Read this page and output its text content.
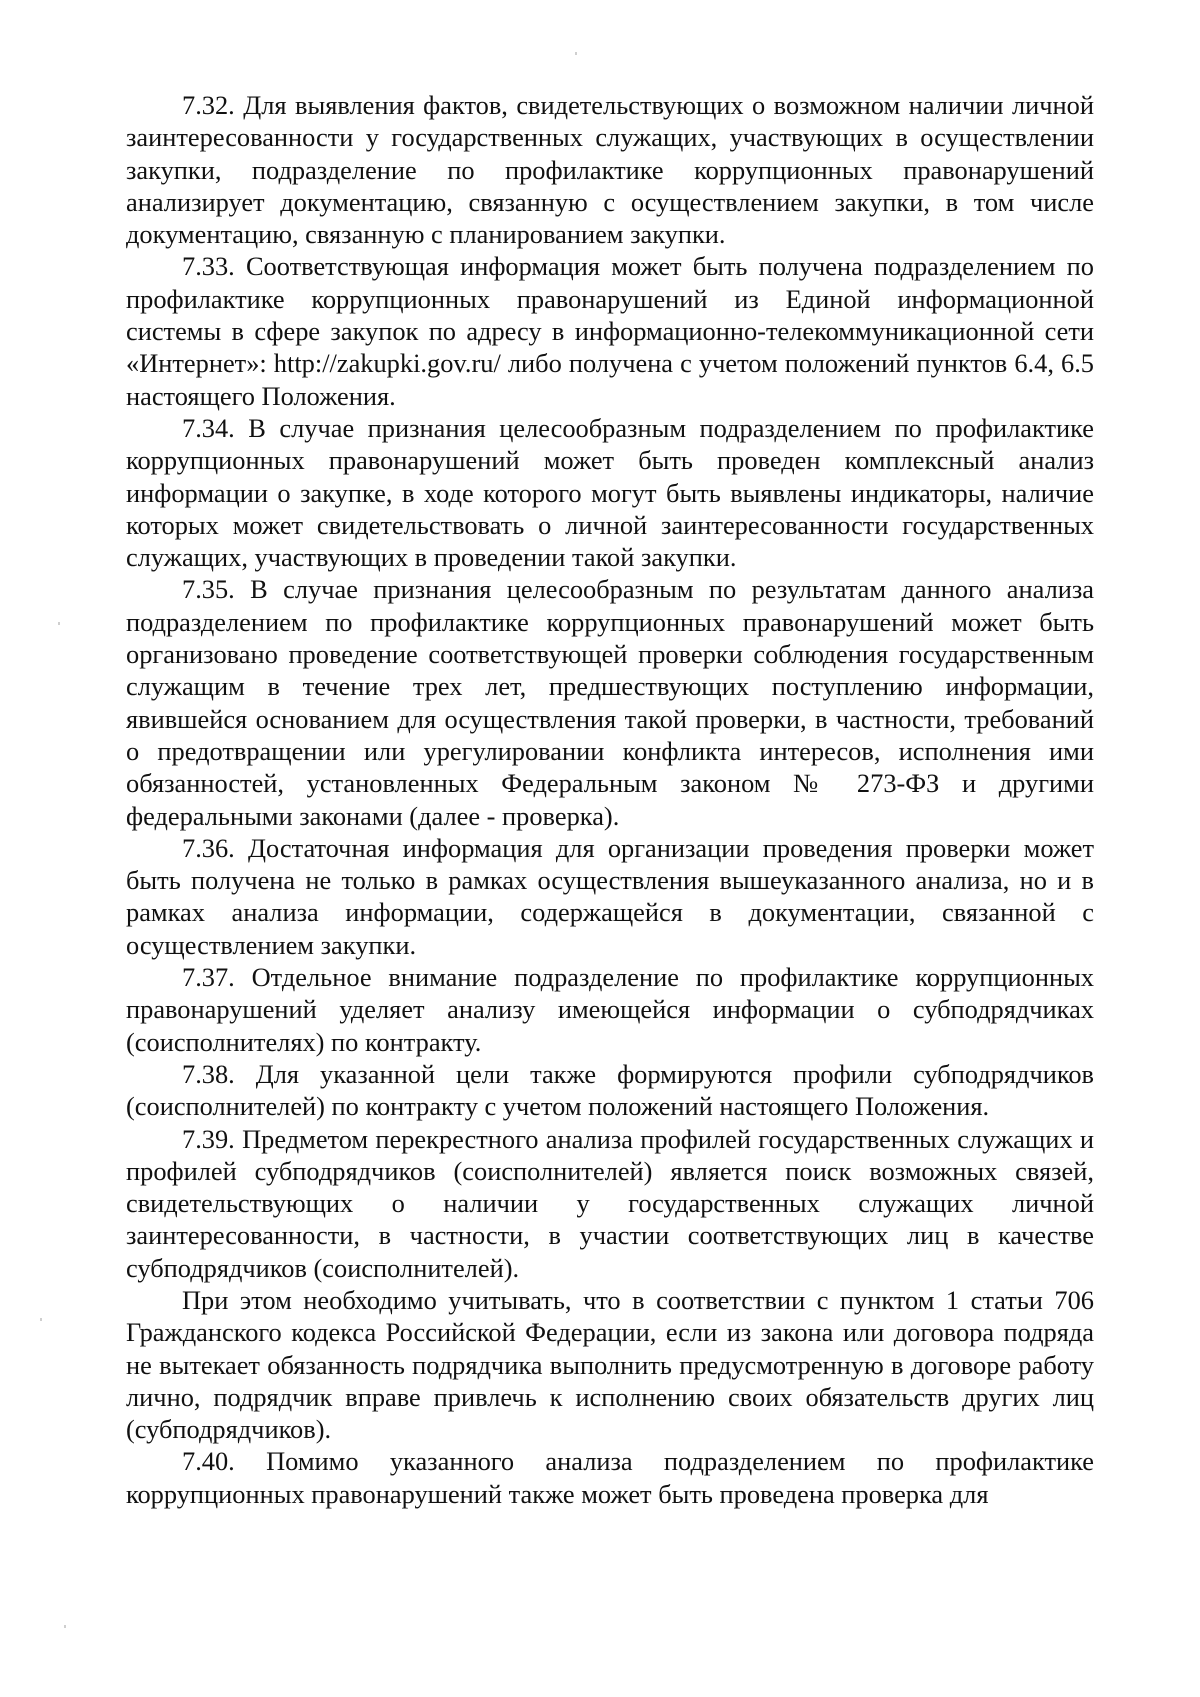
7.32. Для выявления фактов, свидетельствующих о возможном наличии личной заинтересованности у государственных служащих, участвующих в осуществлении закупки, подразделение по профилактике коррупционных правонарушений анализирует документацию, связанную с осуществлением закупки, в том числе документацию, связанную с планированием закупки.

7.33. Соответствующая информация может быть получена подразделением по профилактике коррупционных правонарушений из Единой информационной системы в сфере закупок по адресу в информационно-телекоммуникационной сети «Интернет»: http://zakupki.gov.ru/ либо получена с учетом положений пунктов 6.4, 6.5 настоящего Положения.

7.34. В случае признания целесообразным подразделением по профилактике коррупционных правонарушений может быть проведен комплексный анализ информации о закупке, в ходе которого могут быть выявлены индикаторы, наличие которых может свидетельствовать о личной заинтересованности государственных служащих, участвующих в проведении такой закупки.

7.35. В случае признания целесообразным по результатам данного анализа подразделением по профилактике коррупционных правонарушений может быть организовано проведение соответствующей проверки соблюдения государственным служащим в течение трех лет, предшествующих поступлению информации, явившейся основанием для осуществления такой проверки, в частности, требований о предотвращении или урегулировании конфликта интересов, исполнения ими обязанностей, установленных Федеральным законом № 273-ФЗ и другими федеральными законами (далее - проверка).

7.36. Достаточная информация для организации проведения проверки может быть получена не только в рамках осуществления вышеуказанного анализа, но и в рамках анализа информации, содержащейся в документации, связанной с осуществлением закупки.

7.37. Отдельное внимание подразделение по профилактике коррупционных правонарушений уделяет анализу имеющейся информации о субподрядчиках (соисполнителях) по контракту.

7.38. Для указанной цели также формируются профили субподрядчиков (соисполнителей) по контракту с учетом положений настоящего Положения.

7.39. Предметом перекрестного анализа профилей государственных служащих и профилей субподрядчиков (соисполнителей) является поиск возможных связей, свидетельствующих о наличии у государственных служащих личной заинтересованности, в частности, в участии соответствующих лиц в качестве субподрядчиков (соисполнителей).

При этом необходимо учитывать, что в соответствии с пунктом 1 статьи 706 Гражданского кодекса Российской Федерации, если из закона или договора подряда не вытекает обязанность подрядчика выполнить предусмотренную в договоре работу лично, подрядчик вправе привлечь к исполнению своих обязательств других лиц (субподрядчиков).

7.40. Помимо указанного анализа подразделением по профилактике коррупционных правонарушений также может быть проведена проверка для
